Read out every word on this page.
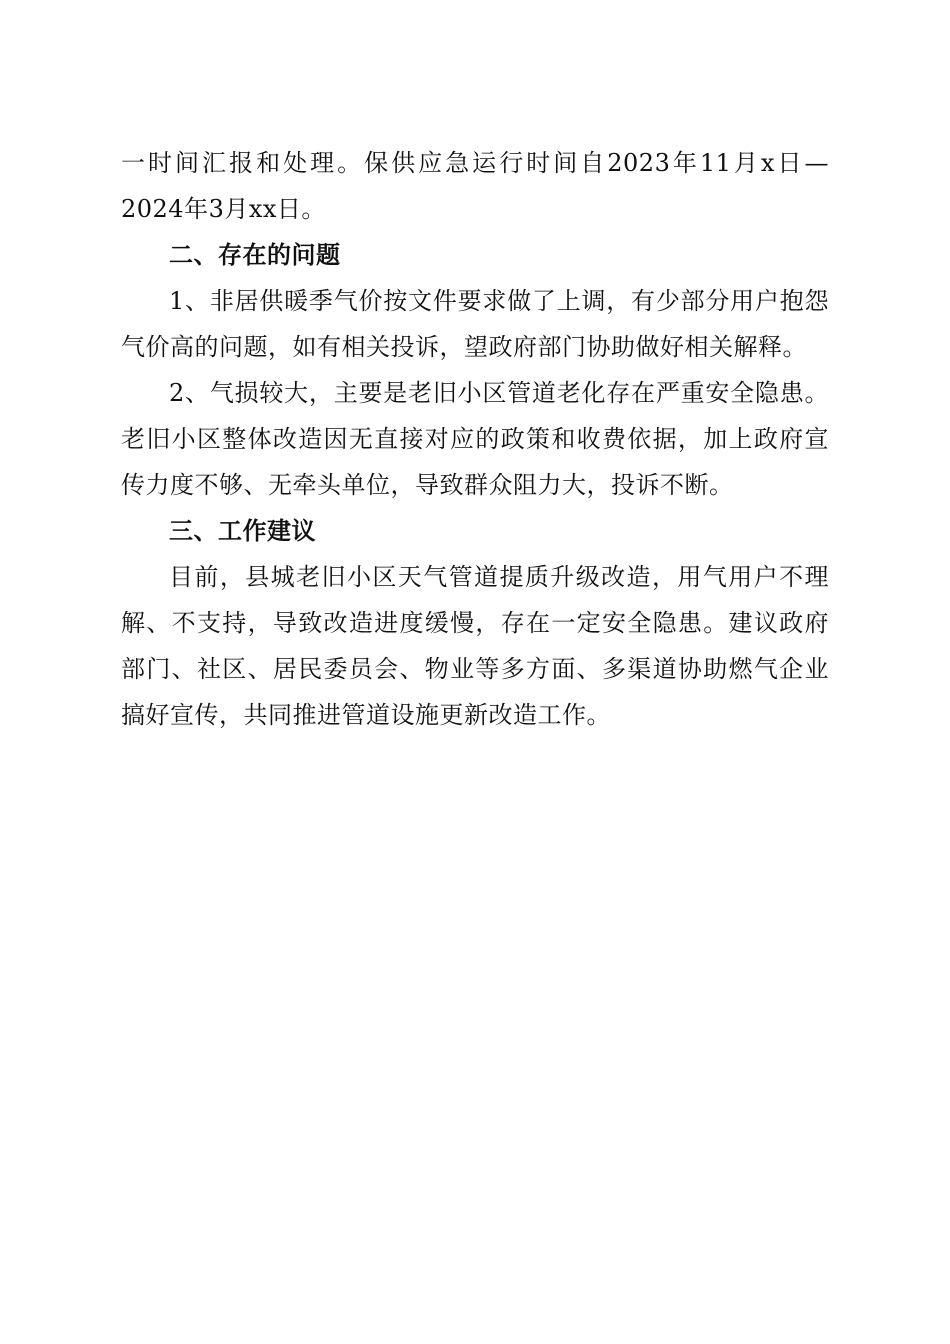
一时间汇报和处理。保供应急运行时间自2023年11月x日—2024年3月xx日。

二、存在的问题

1、非居供暖季气价按文件要求做了上调，有少部分用户抱怨气价高的问题，如有相关投诉，望政府部门协助做好相关解释。

2、气损较大，主要是老旧小区管道老化存在严重安全隐患。老旧小区整体改造因无直接对应的政策和收费依据，加上政府宣传力度不够、无牵头单位，导致群众阻力大，投诉不断。

三、工作建议

目前，县城老旧小区天气管道提质升级改造，用气用户不理解、不支持，导致改造进度缓慢，存在一定安全隐患。建议政府部门、社区、居民委员会、物业等多方面、多渠道协助燃气企业搞好宣传，共同推进管道设施更新改造工作。
